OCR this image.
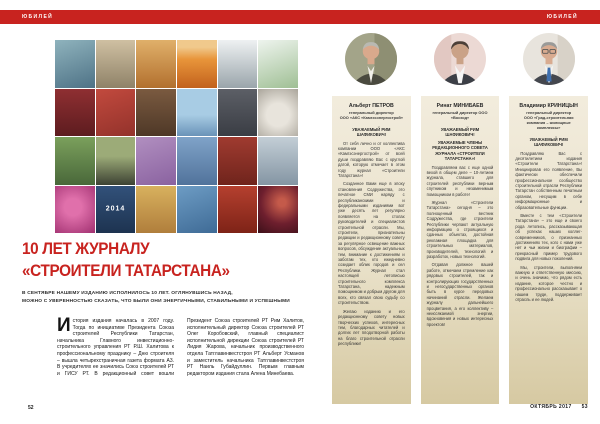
ЮБИЛЕЙ	ЮБИЛЕЙ
2014
10 ЛЕТ ЖУРНАЛУ
«СТРОИТЕЛИ ТАТАРСТАНА»
В СЕНТЯБРЕ НАШЕМУ ИЗДАНИЮ ИСПОЛНИЛОСЬ 10 ЛЕТ. ОГЛЯНУВШИСЬ НАЗАД,
МОЖНО С УВЕРЕННОСТЬЮ СКАЗАТЬ, ЧТО БЫЛИ ОНИ ЭНЕРГИЧНЫМИ, СТАБИЛЬНЫМИ И УСПЕШНЫМИ
История издания началась в 2007 году. Тогда по инициативе Президента Союза строителей Республики Татарстан, начальника Главного инвестиционно-строительного управления РТ Р.Ш. Халитова к профессиональному празднику – Дню строителя – вышла четырехстраничная газета формата А3. В учредителях ее значились Союз строителей РТ и ГИСУ РТ. В редакционный совет вошли Президент Союза строителей РТ Рим Халитов, исполнительный директор Союза строителей РТ Олег Коробовский, главный специалист исполнительной дирекции Союза строителей РТ Лидия Жарова, начальник производственного отдела Татглавинвестстроя РТ Альберт Усманов и заместитель начальника Татглавинвестстроя РТ Наиль Губайдуллин. Первым главным редактором издания стала Алена Минебаева.
52
Альберт ПЕТРОВ
генеральный директор
ООО «АКС «Камгэсэнергострой»
УВАЖАЕМЫЙ РИМ ШАФИКОВИЧ!

От себя лично и от коллектива компании ООО «АКС «Камгэсэнергострой» от всей души поздравляю Вас с круглой датой, которую отмечает в этом году журнал «Строители Татарстана»!

Созданное Вами еще в эпоху становления Содружества, это печатное СМИ наряду с республиканскими и федеральными изданиями вот уже десять лет регулярно появляется на столах руководителей и специалистов строительной отрасли. Мы, строители, признательны редакции и редакционному совету за регулярное освещение важных вопросов, обсуждение актуальных тем, внимание к достижениям и заботам тех, кто ежедневно созидает облик городов и сел Республики. Журнал стал настоящей летописью строительного комплекса Татарстана, надежным помощником и добрым другом для всех, кто связал свою судьбу со строительством.

Желаю изданию и его редакционному совету новых творческих успехов, интересных тем, благодарных читателей и долгих лет плодотворной работы на благо строительной отрасли республики!

Ринат МИНИБАЕВ
генеральный директор ООО «Восход»
УВАЖАЕМЫЙ РИМ ШАФИКОВИЧ!
УВАЖАЕМЫЕ ЧЛЕНЫ РЕДАКЦИОННОГО СОВЕТА ЖУРНАЛА «СТРОИТЕЛИ ТАТАРСТАНА»!

Поздравляем вас с еще одной вехой в общем деле – 10-летием журнала, ставшего для строителей республики верным спутником и незаменимым помощником в работе!

Журнал «Строители Татарстана» сегодня – это полноценный вестник Содружества, где строители Республики черпают актуальную информацию о строящихся и сданных объектах, достойная рекламная площадка для строительных материалов, производителей, технологий и разработок, новых технологий.

Отдавая должное вашей работе, отмечаем стремление как рядовых строителей, так и контролирующих государственных и негосударственных органов быть в курсе передовых начинаний отрасли. Желаем журналу дальнейшего процветания, а его коллективу – неиссякаемой энергии, вдохновения и новых интересных проектов!

Владимир КРИНИЦЫН
генеральный директор
ООО «Град-строительная компания – жилищные комплексы»
УВАЖАЕМЫЙ РИМ ШАФИКОВИЧ!

Поздравляю Вас с десятилетием издания «Строители Татарстана»! Инициировав его появление, Вы фактически обеспечили профессиональное сообщество строительной отрасли Республики Татарстан собственным печатным органом, несущим в себе информационные и образовательные функции.

Вместе с тем «Строители Татарстана» – это еще и своего рода летопись, рассказывающая об успехах наших коллег-современников, о признанных достижениях тех, кого с нами уже нет и чьи жизни и биографии – прекрасный пример трудового подвига для новых поколений.

Мы, строители, выполняем важную и ответственную миссию, и очень значимо, что рядом есть издание, которое честно и профессионально рассказывает о нашем труде, поддерживает отрасль и ее людей.

ОКТЯБРЬ 2017 53
